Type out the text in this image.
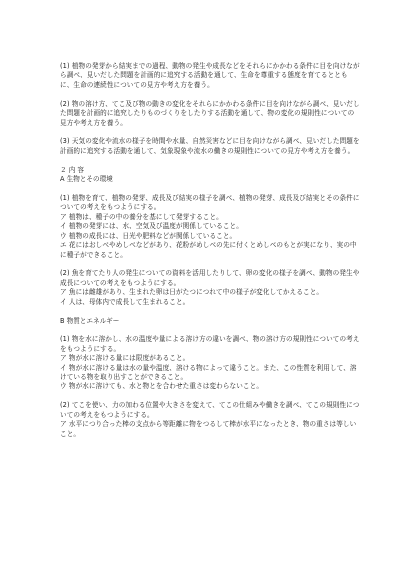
(1) 植物の発芽から結実までの過程、動物の発生や成長などをそれらにかかわる条件に目を向けながら調べ、見いだした問題を計画的に追究する活動を通して、生命を尊重する態度を育てるとともに、生命の連続性についての見方や考え方を養う。

(2) 物の溶け方、てこ及び物の動きの変化をそれらにかかわる条件に目を向けながら調べ、見いだした問題を計画的に追究したりものづくりをしたりする活動を通して、物の変化の規則性についての見方や考え方を養う。

(3) 天気の変化や流水の様子を時間や水量、自然災害などに目を向けながら調べ、見いだした問題を計画的に追究する活動を通して、気象現象や流水の働きの規則性についての見方や考え方を養う。

２ 内 容

A 生物とその環境

(1) 植物を育て、植物の発芽、成長及び結実の様子を調べ、植物の発芽、成長及び結実とその条件についての考えをもつようにする。

ア 植物は、種子の中の養分を基にして発芽すること。

イ 植物の発芽には、水、空気及び温度が関係していること。

ウ 植物の成長には、日光や肥料などが関係していること。

エ 花にはおしべやめしべなどがあり、花粉がめしべの先に付くとめしべのもとが実になり、実の中に種子ができること。

(2) 魚を育てたり人の発生についての資料を活用したりして、卵の変化の様子を調べ、動物の発生や成長についての考えをもつようにする。

ア 魚には雌雄があり、生まれた卵は日がたつにつれて中の様子が変化してかえること。

イ 人は、母体内で成長して生まれること。

B 物質とエネルギー

(1) 物を水に溶かし、水の温度や量による溶け方の違いを調べ、物の溶け方の規則性についての考えをもつようにする。

ア 物が水に溶ける量には限度があること。

イ 物が水に溶ける量は水の量や温度、溶ける物によって違うこと。また、この性質を利用して、溶けている物を取り出すことができること。

ウ 物が水に溶けても、水と物とを合わせた重さは変わらないこと。

(2) てこを使い、力の加わる位置や大きさを変えて、てこの仕組みや働きを調べ、てこの規則性についての考えをもつようにする。

ア 水平につり合った棒の支点から等距離に物をつるして棒が水平になったとき、物の重さは等しいこと。
